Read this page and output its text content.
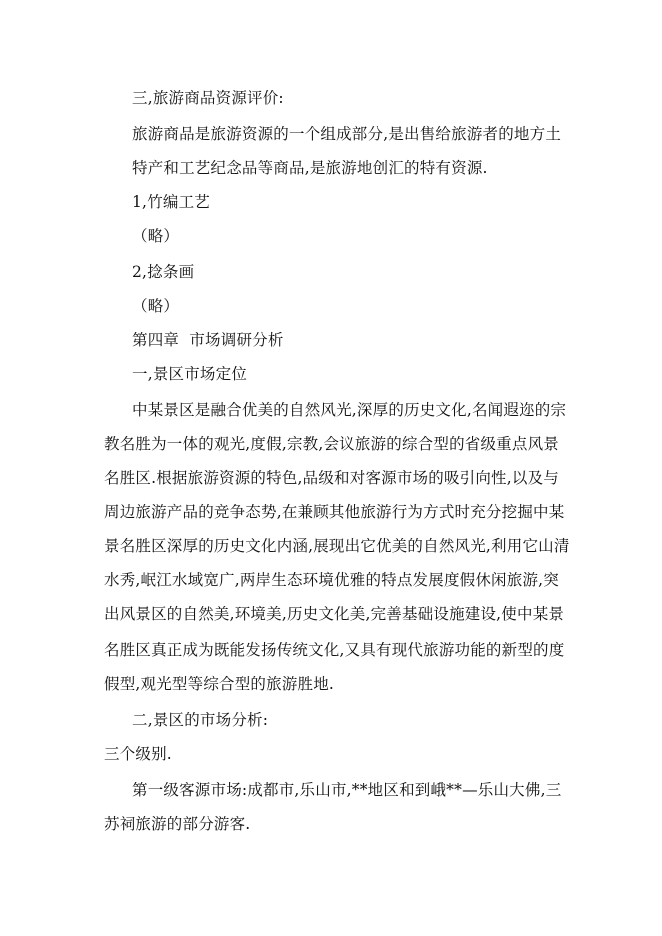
三,旅游商品资源评价:
旅游商品是旅游资源的一个组成部分,是出售给旅游者的地方土
特产和工艺纪念品等商品,是旅游地创汇的特有资源.
1,竹编工艺
（略）
2,捻条画
（略）
第四章  市场调研分析
一,景区市场定位
中某景区是融合优美的自然风光,深厚的历史文化,名闻遐迩的宗
教名胜为一体的观光,度假,宗教,会议旅游的综合型的省级重点风景
名胜区.根据旅游资源的特色,品级和对客源市场的吸引向性,以及与
周边旅游产品的竞争态势,在兼顾其他旅游行为方式时充分挖掘中某
景名胜区深厚的历史文化内涵,展现出它优美的自然风光,利用它山清
水秀,岷江水域宽广,两岸生态环境优雅的特点发展度假休闲旅游,突
出风景区的自然美,环境美,历史文化美,完善基础设施建设,使中某景
名胜区真正成为既能发扬传统文化,又具有现代旅游功能的新型的度
假型,观光型等综合型的旅游胜地.
二,景区的市场分析:
三个级别.
第一级客源市场:成都市,乐山市,**地区和到峨**—乐山大佛,三
苏祠旅游的部分游客.
